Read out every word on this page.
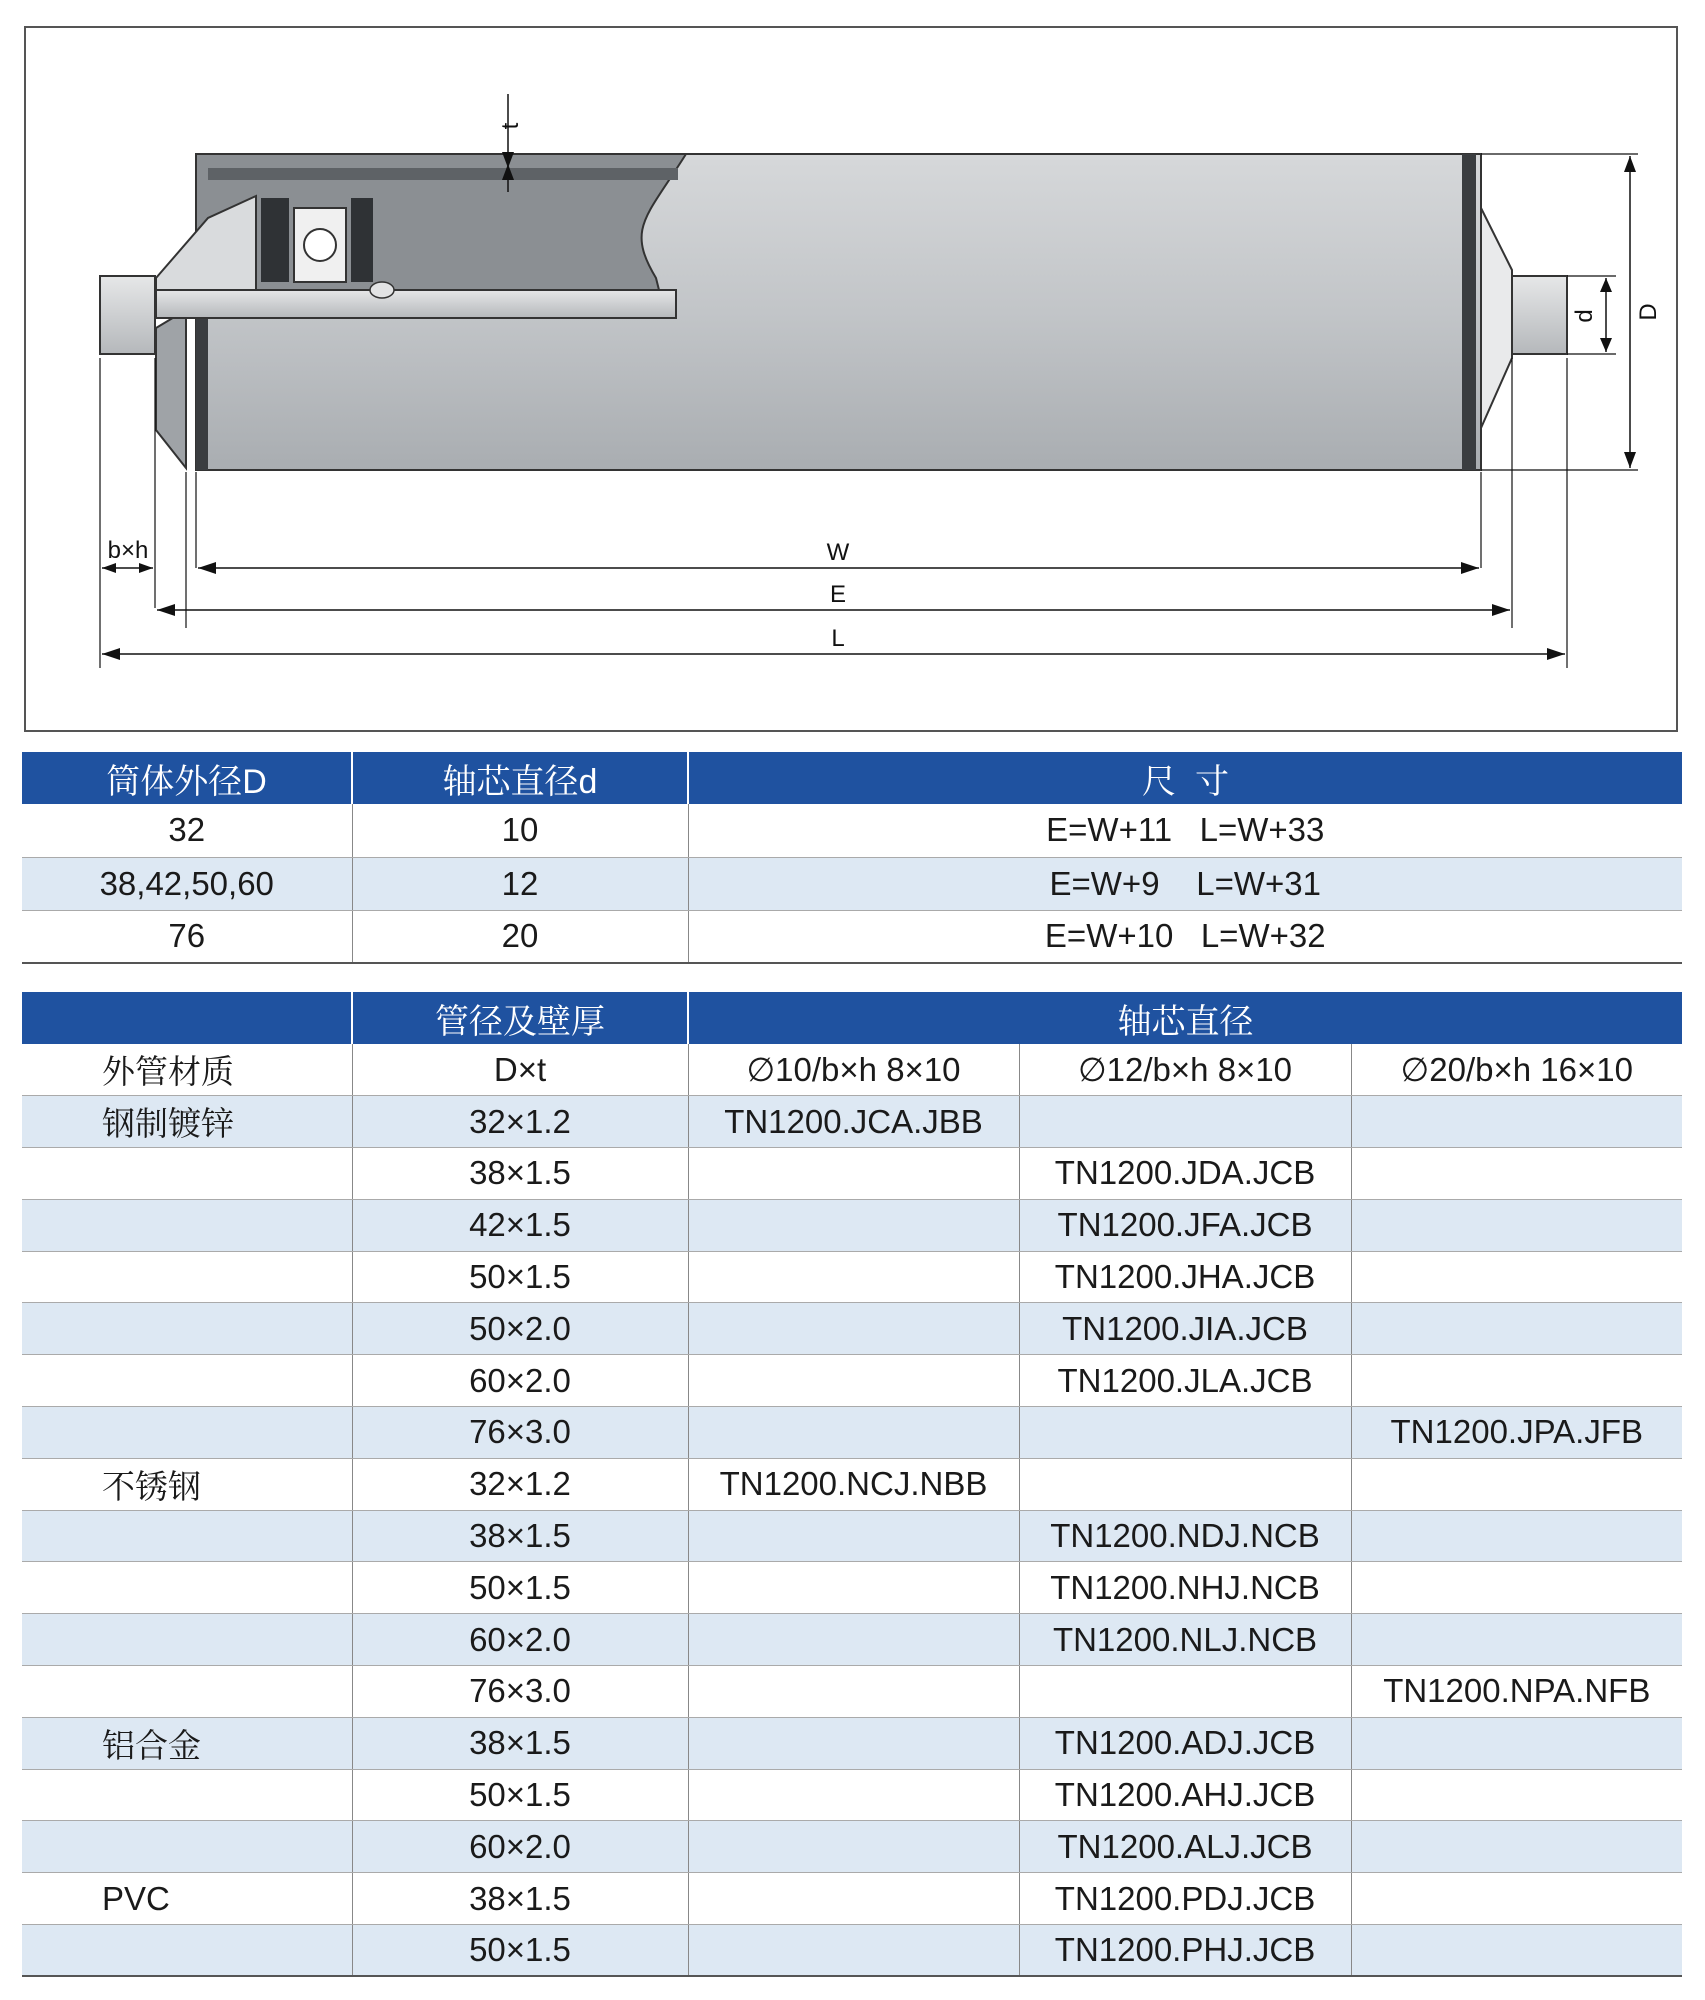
t
D
d
b×h	W
E
L
筒体外径D	轴芯直径d	尺  寸
32	10	E=W+11   L=W+33
38,42,50,60	12	E=W+9    L=W+31
76	20	E=W+10   L=W+32
	管径及壁厚	轴芯直径		
外管材质	D×t	∅10/b×h 8×10	∅12/b×h 8×10	∅20/b×h 16×10
钢制镀锌	32×1.2	TN1200.JCA.JBB		
	38×1.5		TN1200.JDA.JCB	
	42×1.5		TN1200.JFA.JCB	
	50×1.5		TN1200.JHA.JCB	
	50×2.0		TN1200.JIA.JCB	
	60×2.0		TN1200.JLA.JCB	
	76×3.0			TN1200.JPA.JFB
不锈钢	32×1.2	TN1200.NCJ.NBB		
	38×1.5		TN1200.NDJ.NCB	
	50×1.5		TN1200.NHJ.NCB	
	60×2.0		TN1200.NLJ.NCB	
	76×3.0			TN1200.NPA.NFB
铝合金	38×1.5		TN1200.ADJ.JCB	
	50×1.5		TN1200.AHJ.JCB	
	60×2.0		TN1200.ALJ.JCB	
PVC	38×1.5		TN1200.PDJ.JCB	
	50×1.5		TN1200.PHJ.JCB	
